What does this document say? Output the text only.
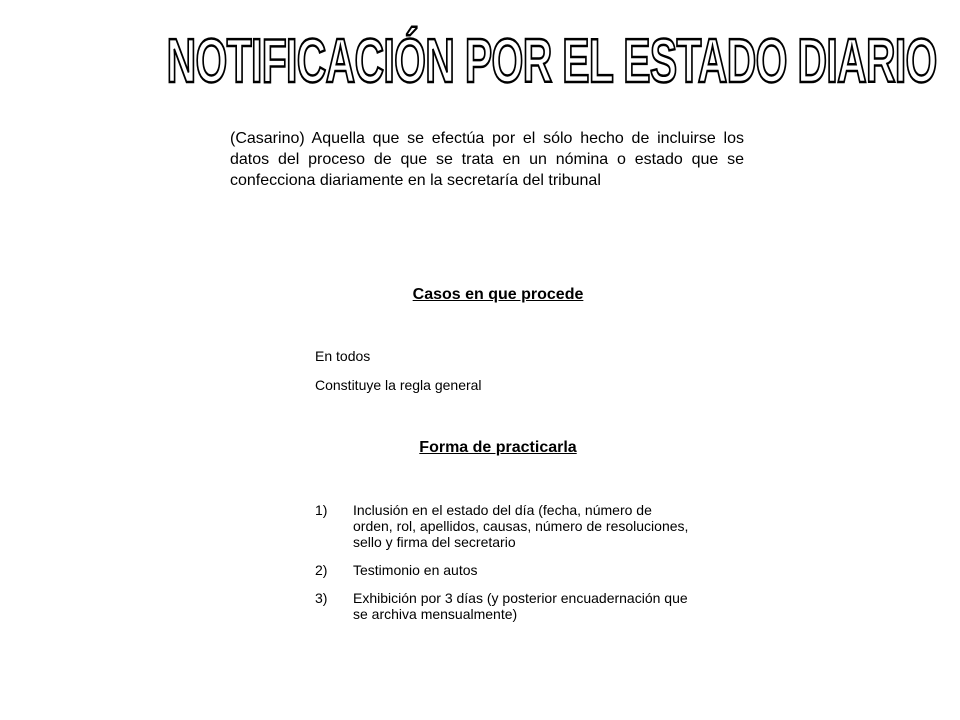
NOTIFICACIÓN POR EL ESTADO DIARIO

(Casarino) Aquella que se efectúa por el sólo hecho de incluirse los datos del proceso de que se trata en un nómina o estado que se confecciona diariamente en la secretaría del tribunal

Casos en que procede
En todos
Constituye la regla general
Forma de practicarla
1)	Inclusión en el estado del día (fecha, número de orden, rol, apellidos, causas, número de resoluciones, sello y firma del secretario
2)	Testimonio en autos
3)	Exhibición por 3 días (y posterior encuadernación que se archiva mensualmente)
